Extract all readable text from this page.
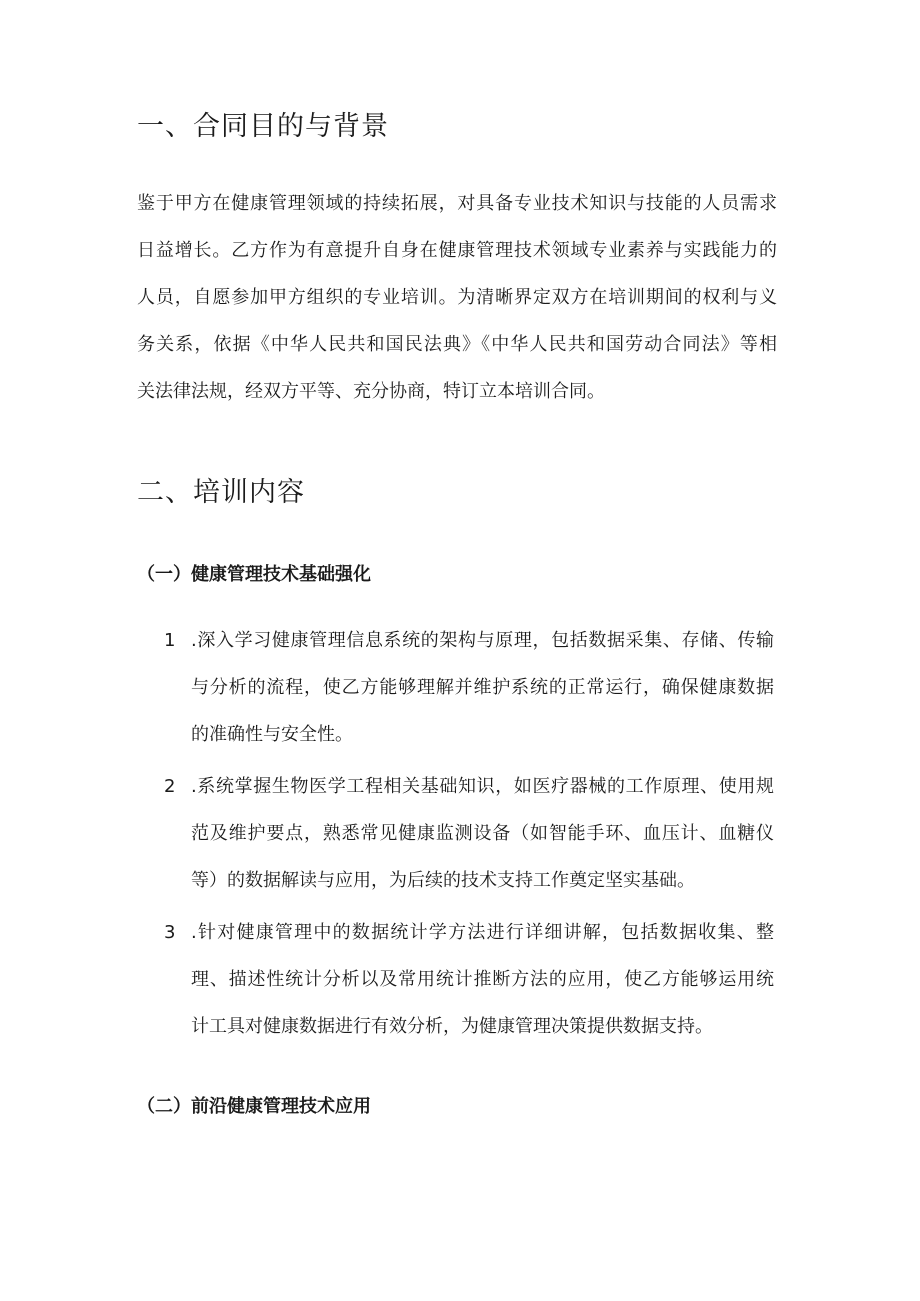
一、合同目的与背景

鉴于甲方在健康管理领域的持续拓展，对具备专业技术知识与技能的人员需求
日益增长。乙方作为有意提升自身在健康管理技术领域专业素养与实践能力的
人员，自愿参加甲方组织的专业培训。为清晰界定双方在培训期间的权利与义
务关系，依据《中华人民共和国民法典》《中华人民共和国劳动合同法》等相
关法律法规，经双方平等、充分协商，特订立本培训合同。

二、培训内容
（一）健康管理技术基础强化
1 .深入学习健康管理信息系统的架构与原理，包括数据采集、存储、传输
与分析的流程，使乙方能够理解并维护系统的正常运行，确保健康数据
的准确性与安全性。

2 .系统掌握生物医学工程相关基础知识，如医疗器械的工作原理、使用规
范及维护要点，熟悉常见健康监测设备（如智能手环、血压计、血糖仪
等）的数据解读与应用，为后续的技术支持工作奠定坚实基础。

3 .针对健康管理中的数据统计学方法进行详细讲解，包括数据收集、整
理、描述性统计分析以及常用统计推断方法的应用，使乙方能够运用统
计工具对健康数据进行有效分析，为健康管理决策提供数据支持。

（二）前沿健康管理技术应用
